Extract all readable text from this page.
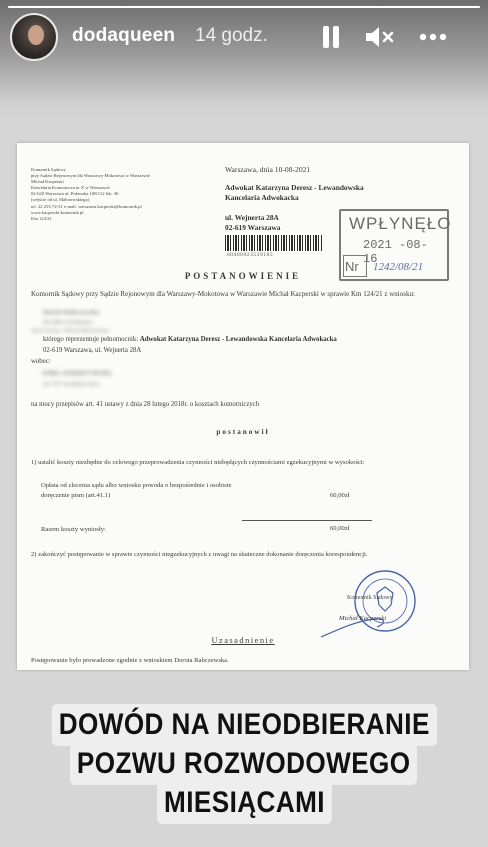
dodaqueen 14 godz.
Komornik Sądowy
przy Sądzie Rejonowym dla Warszawy-Mokotowa w Warszawie
Michał Kacperski
Kancelaria Komornicza nr X w Warszawie
02-620 Warszawa ul. Puławska 108/112 lok. 36
(wejście od ul. Małczewskiego)
tel. 22 253-72-31 e-mail: warszawa.kacperski@komornik.pl
www.kacperski-komornik.pl
Km 124/21
Warszawa, dnia 10-08-2021
Adwokat Katarzyna Deresz - Lewandowska
Kancelaria Adwokacka
ul. Wejnerta 28A
02-619 Warszawa
00400023539185
WPŁYNĘŁO
2021 -08- 16
Nr 1242/08/21
POSTANOWIENIE
Komornik Sądowy przy Sądzie Rejonowym dla Warszawy-Mokotowa w Warszawie Michał Kacperski w sprawie Km 124/21 z wniosku:
Dorota Rabczewska
06-400 Ciechanów
adres koresp.: Dorota Rabczewska
którego reprezentuje pełnomocnik: Adwokat Katarzyna Deresz - Lewandowska Kancelaria Adwokacka
02-619 Warszawa, ul. Wejnerta 28A
wobec:
EMIL STĘPIEŃ PESEL
02-757 WARSZAWA
na mocy przepisów art. 41 ustawy z dnia 28 lutego 2018r. o kosztach komorniczych
postanowił
1) ustalić koszty niezbędne do celowego przeprowadzenia czynności niebędących czynnościami egzekucyjnymi w wysokości:
Opłata od zlecenia sądu albo wniosku powoda o bezpośrednie i osobiste
doręczenie pism (art.41.1)	60,00zł
Razem koszty wyniosły:	60,00zł
2) zakończyć postępowanie w sprawie czynności niegzekucyjnych z uwagi na skuteczne dokonanie doręczenia korespondencji.
Komornik Sądowy
Michał Kacperski
Uzasadnienie
Postępowanie było prowadzone zgodnie z wnioskiem Dorota Rabczewska.
DOWÓD NA NIEODBIERANIE
POZWU ROZWODOWEGO
MIESIĄCAMI
